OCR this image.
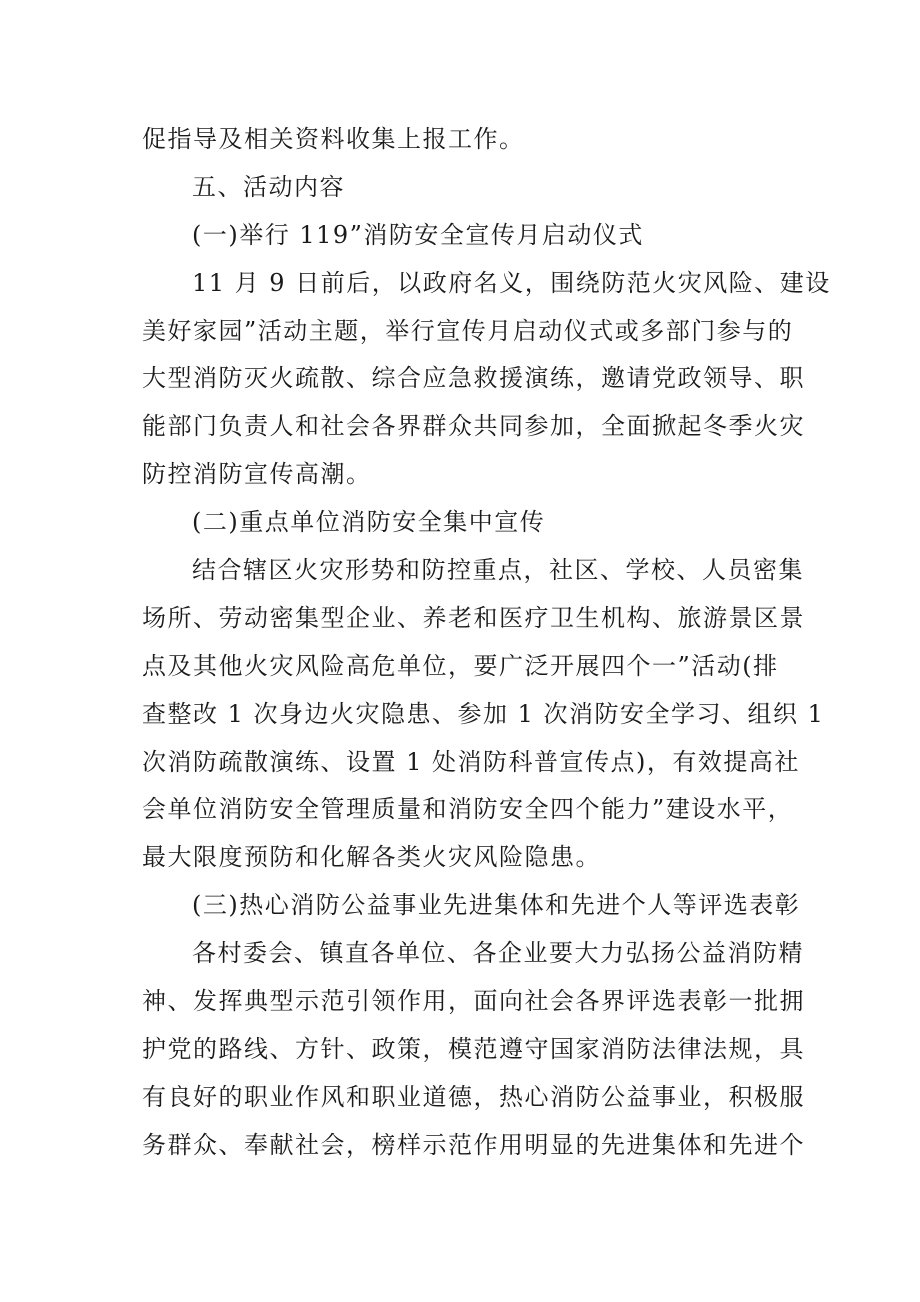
促指导及相关资料收集上报工作。
五、活动内容
(一)举行 119”消防安全宣传月启动仪式
11 月 9 日前后，以政府名义，围绕防范火灾风险、建设
美好家园”活动主题，举行宣传月启动仪式或多部门参与的
大型消防灭火疏散、综合应急救援演练，邀请党政领导、职
能部门负责人和社会各界群众共同参加，全面掀起冬季火灾
防控消防宣传高潮。
(二)重点单位消防安全集中宣传
结合辖区火灾形势和防控重点，社区、学校、人员密集
场所、劳动密集型企业、养老和医疗卫生机构、旅游景区景
点及其他火灾风险高危单位，要广泛开展四个一”活动(排
查整改 1 次身边火灾隐患、参加 1 次消防安全学习、组织 1
次消防疏散演练、设置 1 处消防科普宣传点)，有效提高社
会单位消防安全管理质量和消防安全四个能力”建设水平，
最大限度预防和化解各类火灾风险隐患。
(三)热心消防公益事业先进集体和先进个人等评选表彰
各村委会、镇直各单位、各企业要大力弘扬公益消防精
神、发挥典型示范引领作用，面向社会各界评选表彰一批拥
护党的路线、方针、政策，模范遵守国家消防法律法规，具
有良好的职业作风和职业道德，热心消防公益事业，积极服
务群众、奉献社会，榜样示范作用明显的先进集体和先进个
